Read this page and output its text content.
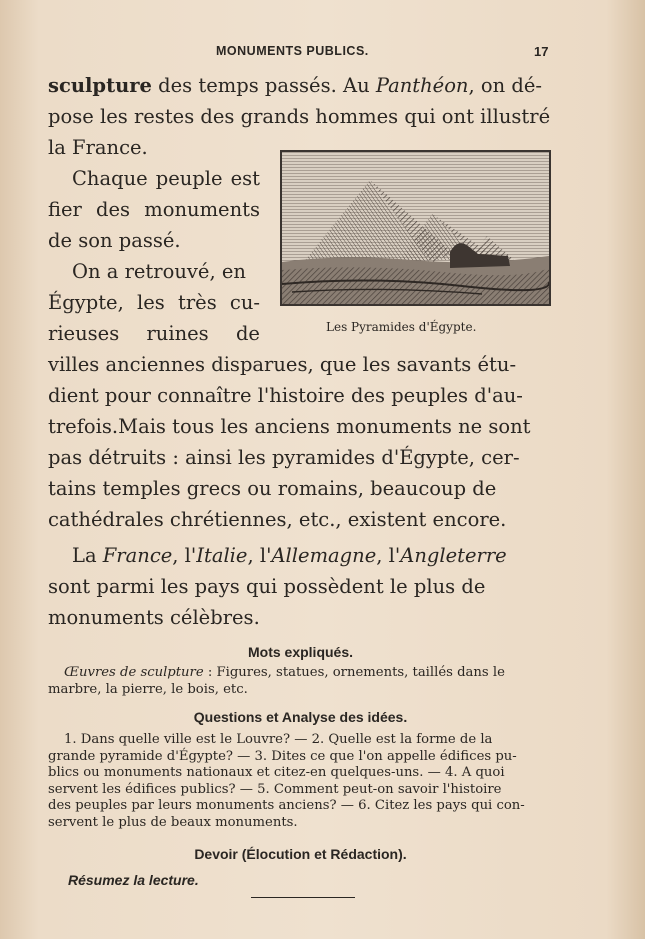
MONUMENTS PUBLICS.	17
sculpture des temps passés. Au Panthéon, on dé-
pose les restes des grands hommes qui ont illustré
la France.
Chaque peuple est
fier des monuments
de son passé.
On a retrouvé, en
Égypte, les très cu-
rieuses ruines de
villes anciennes disparues, que les savants étu-
dient pour connaître l'histoire des peuples d'au-
trefois.Mais tous les anciens monuments ne sont
pas détruits : ainsi les pyramides d'Égypte, cer-
tains temples grecs ou romains, beaucoup de
cathédrales chrétiennes, etc., existent encore.
La France, l'Italie, l'Allemagne, l'Angleterre
sont parmi les pays qui possèdent le plus de
monuments célèbres.
Les Pyramides d'Égypte.
Mots expliqués.
Œuvres de sculpture : Figures, statues, ornements, taillés dans le
marbre, la pierre, le bois, etc.
Questions et Analyse des idées.
1. Dans quelle ville est le Louvre? — 2. Quelle est la forme de la
grande pyramide d'Égypte? — 3. Dites ce que l'on appelle édifices pu-
blics ou monuments nationaux et citez-en quelques-uns. — 4. A quoi
servent les édifices publics? — 5. Comment peut-on savoir l'histoire
des peuples par leurs monuments anciens? — 6. Citez les pays qui con-
servent le plus de beaux monuments.
Devoir (Élocution et Rédaction).
Résumez la lecture.
